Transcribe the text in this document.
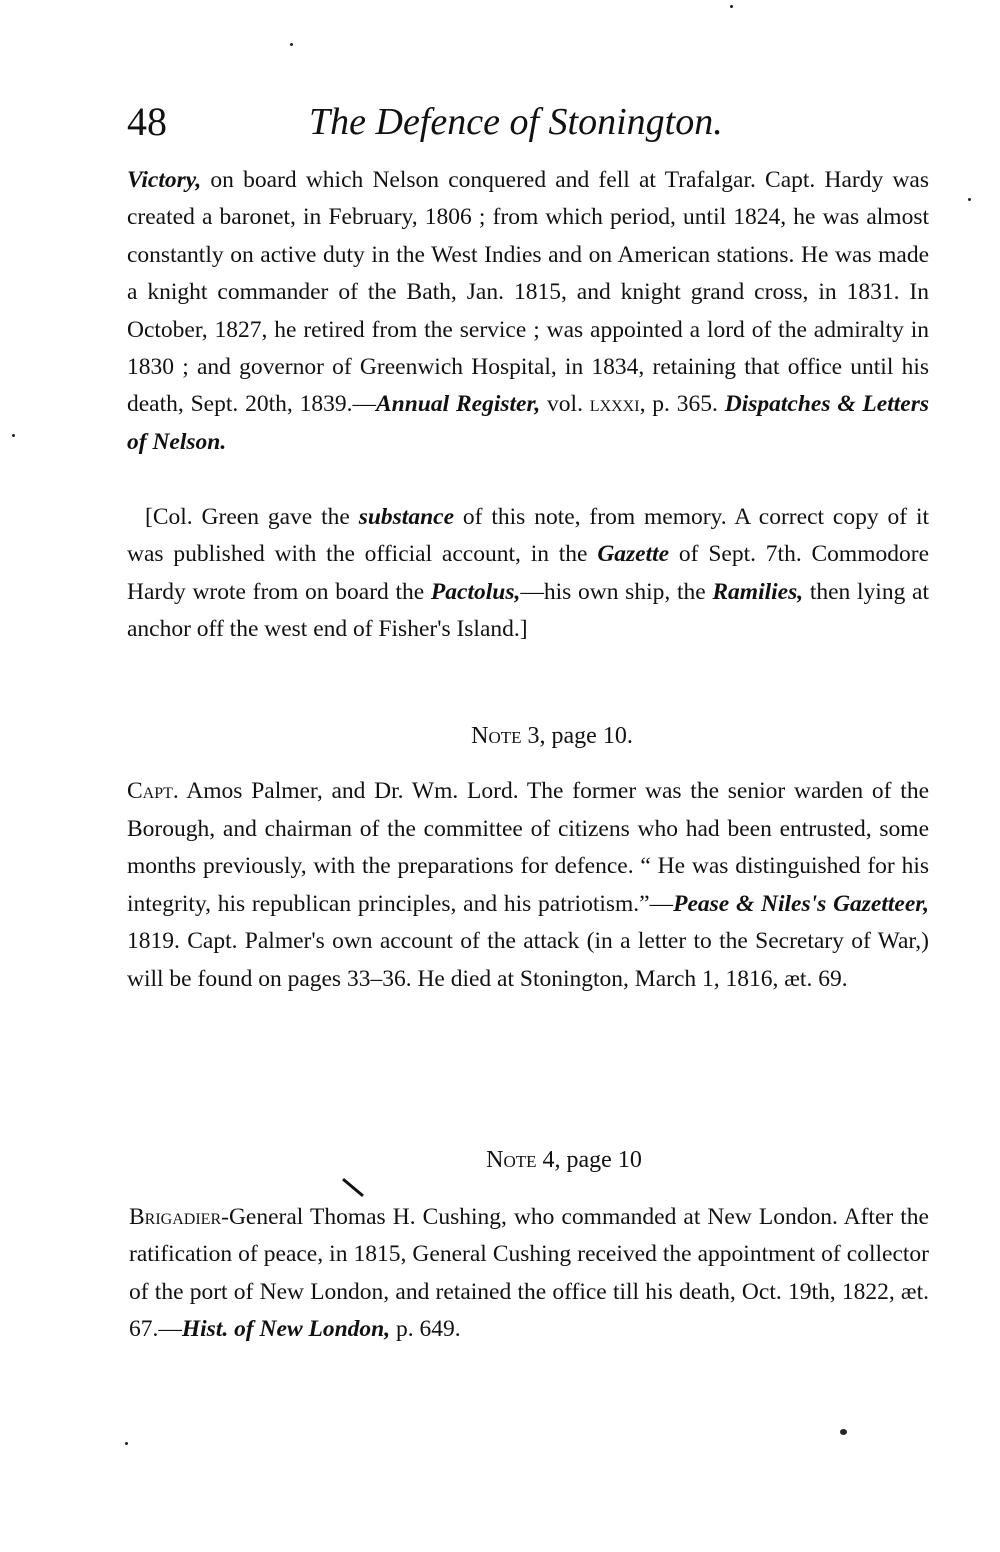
48	The Defence of Stonington.

Victory, on board which Nelson conquered and fell at Trafalgar. Capt. Hardy was created a baronet, in February, 1806 ; from which period, until 1824, he was almost constantly on active duty in the West Indies and on American stations. He was made a knight commander of the Bath, Jan. 1815, and knight grand cross, in 1831. In October, 1827, he retired from the service ; was appointed a lord of the admiralty in 1830 ; and governor of Greenwich Hospital, in 1834, retaining that office until his death, Sept. 20th, 1839.—Annual Register, vol. lxxxi, p. 365. Dispatches & Letters of Nelson.

[Col. Green gave the substance of this note, from memory. A correct copy of it was published with the official account, in the Gazette of Sept. 7th. Commodore Hardy wrote from on board the Pactolus,—his own ship, the Ramilies, then lying at anchor off the west end of Fisher's Island.]

Note 3, page 10.

Capt. Amos Palmer, and Dr. Wm. Lord. The former was the senior warden of the Borough, and chairman of the committee of citizens who had been entrusted, some months previously, with the preparations for defence. “ He was distinguished for his integrity, his republican principles, and his patriotism.”—Pease & Niles's Gazetteer, 1819. Capt. Palmer's own account of the attack (in a letter to the Secretary of War,) will be found on pages 33–36. He died at Stonington, March 1, 1816, æt. 69.

Note 4, page 10

Brigadier-General Thomas H. Cushing, who commanded at New London. After the ratification of peace, in 1815, General Cushing received the appointment of collector of the port of New London, and retained the office till his death, Oct. 19th, 1822, æt. 67.—Hist. of New London, p. 649.
